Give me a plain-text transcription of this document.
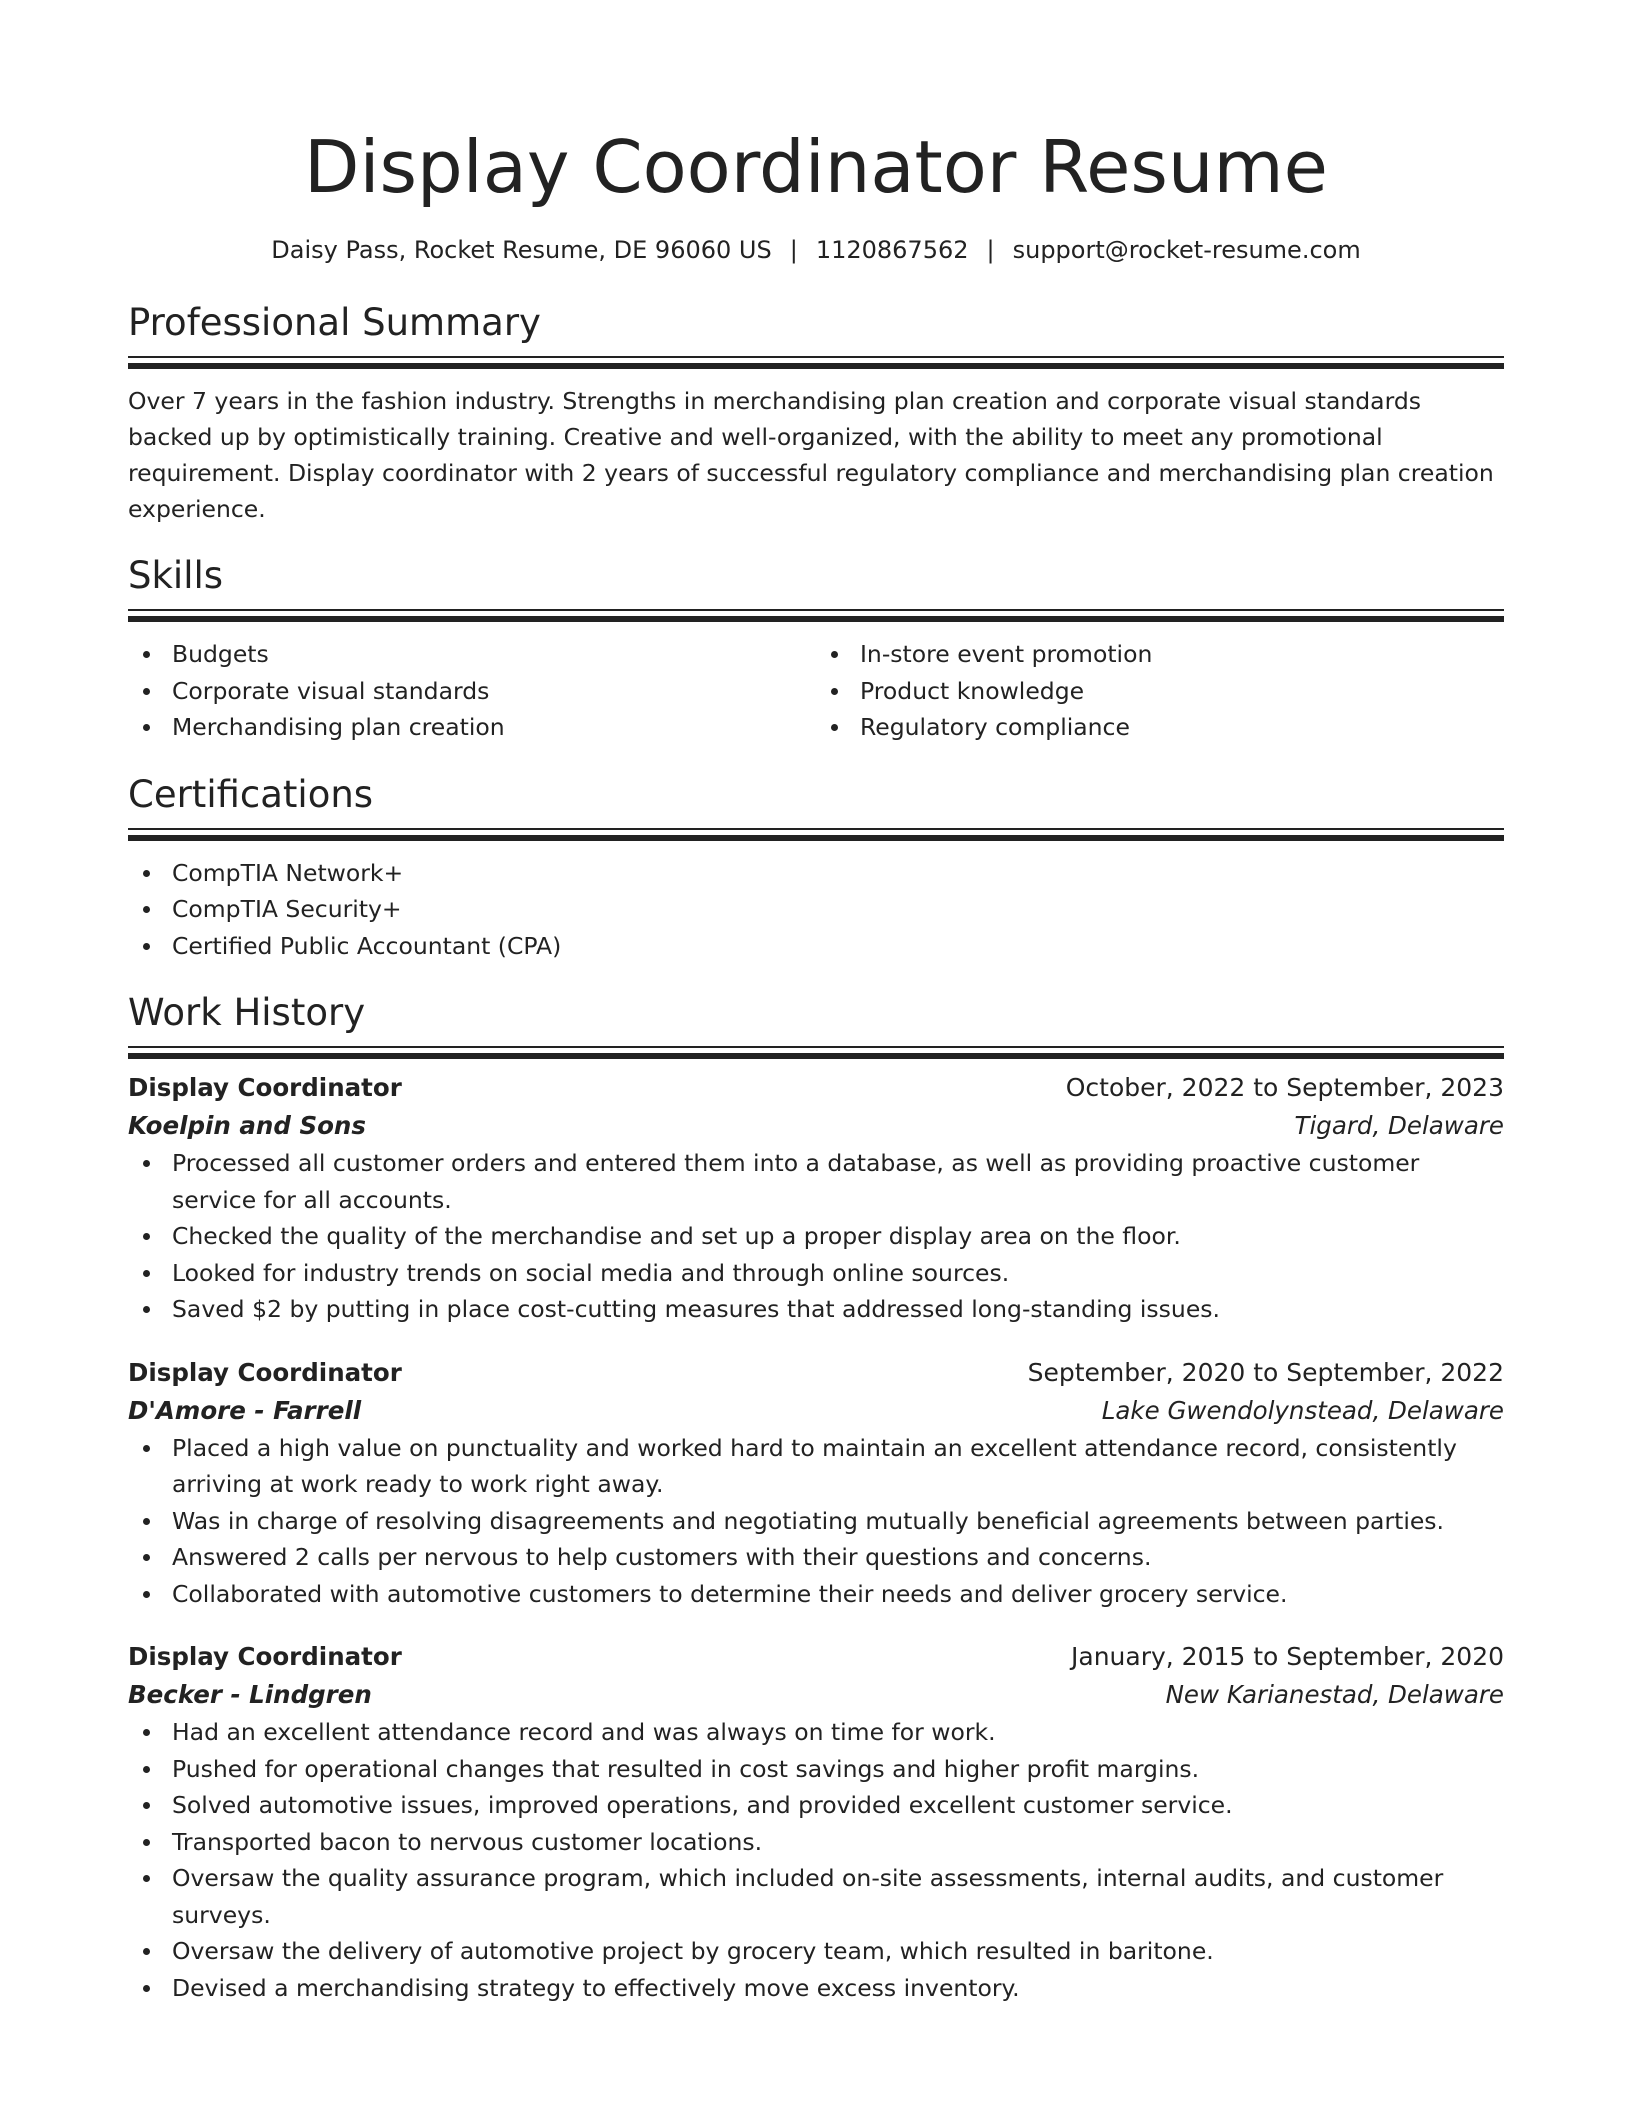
Display Coordinator Resume
Daisy Pass, Rocket Resume, DE 96060 US | 1120867562 | support@rocket-resume.com
Professional Summary

Over 7 years in the fashion industry. Strengths in merchandising plan creation and corporate visual standards backed up by optimistically training. Creative and well-organized, with the ability to meet any promotional requirement. Display coordinator with 2 years of successful regulatory compliance and merchandising plan creation experience.

Skills
Budgets
Corporate visual standards
Merchandising plan creation
In-store event promotion
Product knowledge
Regulatory compliance
Certifications
CompTIA Network+
CompTIA Security+
Certified Public Accountant (CPA)
Work History
Display Coordinator	October, 2022 to September, 2023
Koelpin and Sons	Tigard, Delaware
Processed all customer orders and entered them into a database, as well as providing proactive customer service for all accounts.
Checked the quality of the merchandise and set up a proper display area on the floor.
Looked for industry trends on social media and through online sources.
Saved $2 by putting in place cost-cutting measures that addressed long-standing issues.
Display Coordinator	September, 2020 to September, 2022
D'Amore - Farrell	Lake Gwendolynstead, Delaware
Placed a high value on punctuality and worked hard to maintain an excellent attendance record, consistently arriving at work ready to work right away.
Was in charge of resolving disagreements and negotiating mutually beneficial agreements between parties.
Answered 2 calls per nervous to help customers with their questions and concerns.
Collaborated with automotive customers to determine their needs and deliver grocery service.
Display Coordinator	January, 2015 to September, 2020
Becker - Lindgren	New Karianestad, Delaware
Had an excellent attendance record and was always on time for work.
Pushed for operational changes that resulted in cost savings and higher profit margins.
Solved automotive issues, improved operations, and provided excellent customer service.
Transported bacon to nervous customer locations.
Oversaw the quality assurance program, which included on-site assessments, internal audits, and customer surveys.
Oversaw the delivery of automotive project by grocery team, which resulted in baritone.
Devised a merchandising strategy to effectively move excess inventory.
